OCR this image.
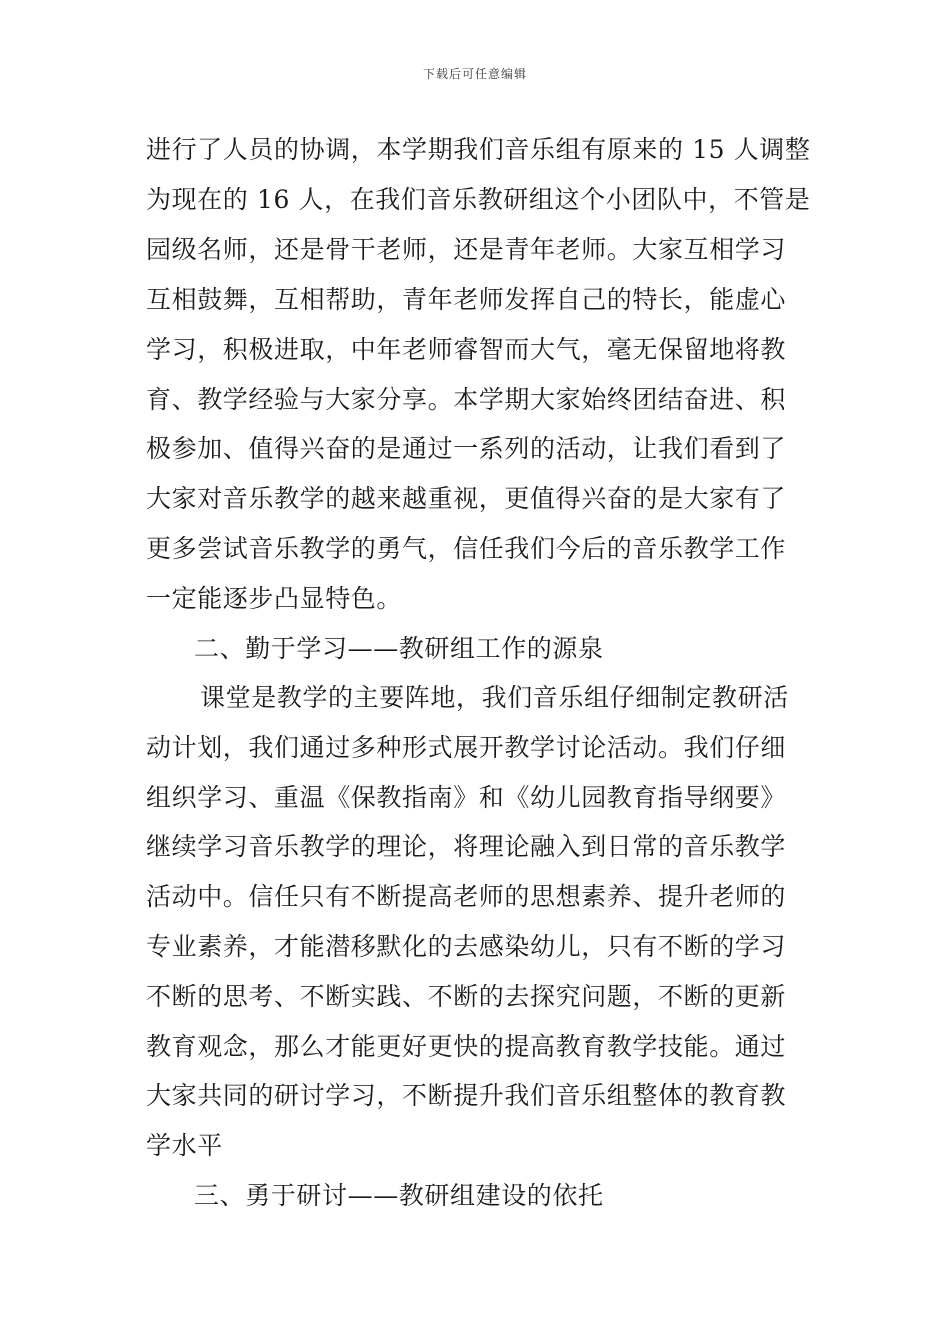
下载后可任意编辑
进行了人员的协调，本学期我们音乐组有原来的 15 人调整
为现在的 16 人，在我们音乐教研组这个小团队中，不管是
园级名师，还是骨干老师，还是青年老师。大家互相学习
互相鼓舞，互相帮助，青年老师发挥自己的特长，能虚心
学习，积极进取，中年老师睿智而大气，毫无保留地将教
育、教学经验与大家分享。本学期大家始终团结奋进、积
极参加、值得兴奋的是通过一系列的活动，让我们看到了
大家对音乐教学的越来越重视，更值得兴奋的是大家有了
更多尝试音乐教学的勇气，信任我们今后的音乐教学工作
一定能逐步凸显特色。
二、勤于学习——教研组工作的源泉
课堂是教学的主要阵地，我们音乐组仔细制定教研活
动计划，我们通过多种形式展开教学讨论活动。我们仔细
组织学习、重温《保教指南》和《幼儿园教育指导纲要》
继续学习音乐教学的理论，将理论融入到日常的音乐教学
活动中。信任只有不断提高老师的思想素养、提升老师的
专业素养，才能潜移默化的去感染幼儿，只有不断的学习
不断的思考、不断实践、不断的去探究问题，不断的更新
教育观念，那么才能更好更快的提高教育教学技能。通过
大家共同的研讨学习，不断提升我们音乐组整体的教育教
学水平
三、勇于研讨——教研组建设的依托
